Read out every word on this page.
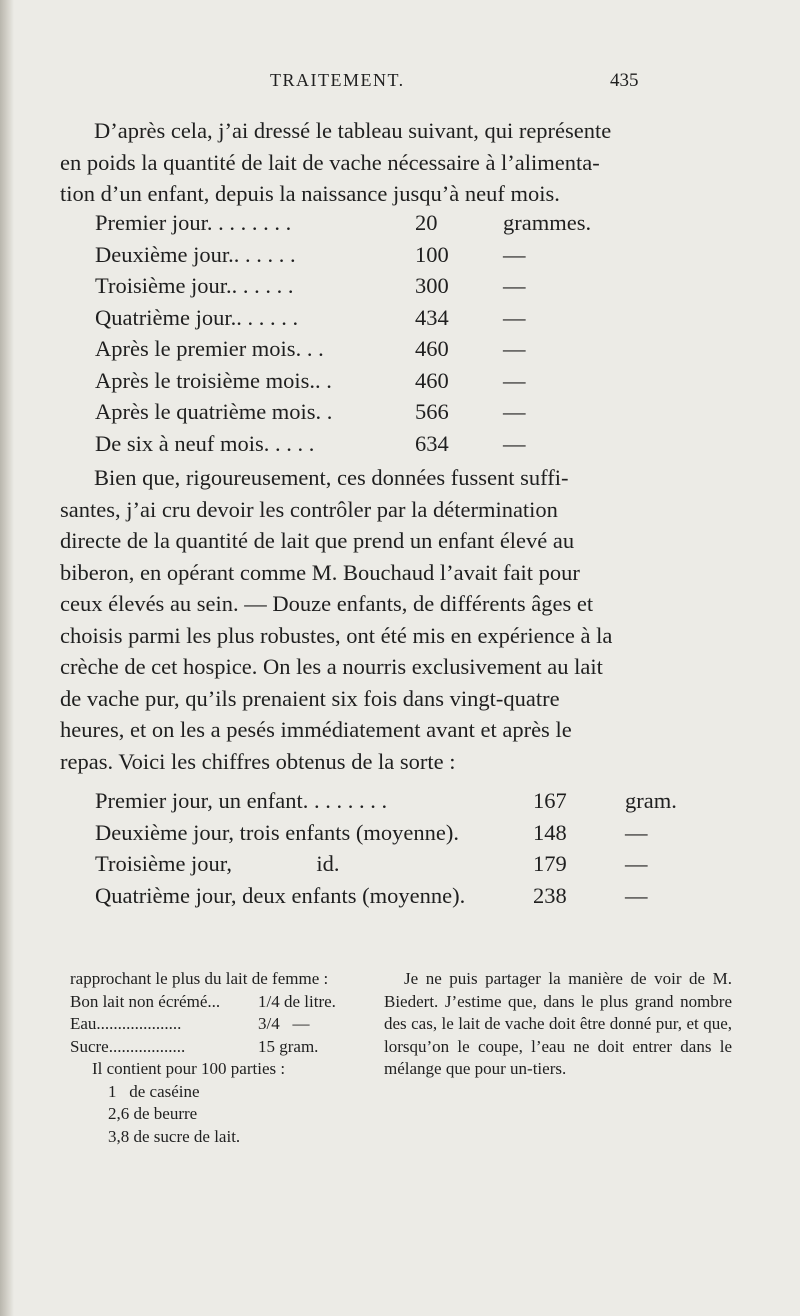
TRAITEMENT.	435

D’après cela, j’ai dressé le tableau suivant, qui représente

en poids la quantité de lait de vache nécessaire à l’alimenta-

tion d’un enfant, depuis la naissance jusqu’à neuf mois.

Premier jour. . . . . . . .	20	grammes.
Deuxième jour.. . . . . .	100 —
Troisième jour.. . . . . .	300 —
Quatrième jour.. . . . . .	434 —
Après le premier mois. . .	460 —
Après le troisième mois.. .	460 —
Après le quatrième mois. .	566 —
De six à neuf mois. . . . .	634 —

Bien que, rigoureusement, ces données fussent suffi-

santes, j’ai cru devoir les contrôler par la détermination

directe de la quantité de lait que prend un enfant élevé au

biberon, en opérant comme M. Bouchaud l’avait fait pour

ceux élevés au sein. — Douze enfants, de différents âges et

choisis parmi les plus robustes, ont été mis en expérience à la

crèche de cet hospice. On les a nourris exclusivement au lait

de vache pur, qu’ils prenaient six fois dans vingt-quatre

heures, et on les a pesés immédiatement avant et après le

repas. Voici les chiffres obtenus de la sorte :

Premier jour, un enfant. . . . . . . .	167	gram.
Deuxième jour, trois enfants (moyenne).	148	—
Troisième jour,               id.	179	—
Quatrième jour, deux enfants (moyenne).	238	—
rapprochant le plus du lait de femme :
Bon lait non écrémé... 1/4 de litre.
Eau....................	3/4   —
Sucre..................	15 gram.
Il contient pour 100 parties :
1   de caséine
2,6 de beurre
3,8 de sucre de lait.

Je ne puis partager la manière de voir de M. Biedert. J’estime que, dans le plus grand nombre des cas, le lait de vache doit être donné pur, et que, lorsqu’on le coupe, l’eau ne doit entrer dans le mélange que pour un-tiers.
